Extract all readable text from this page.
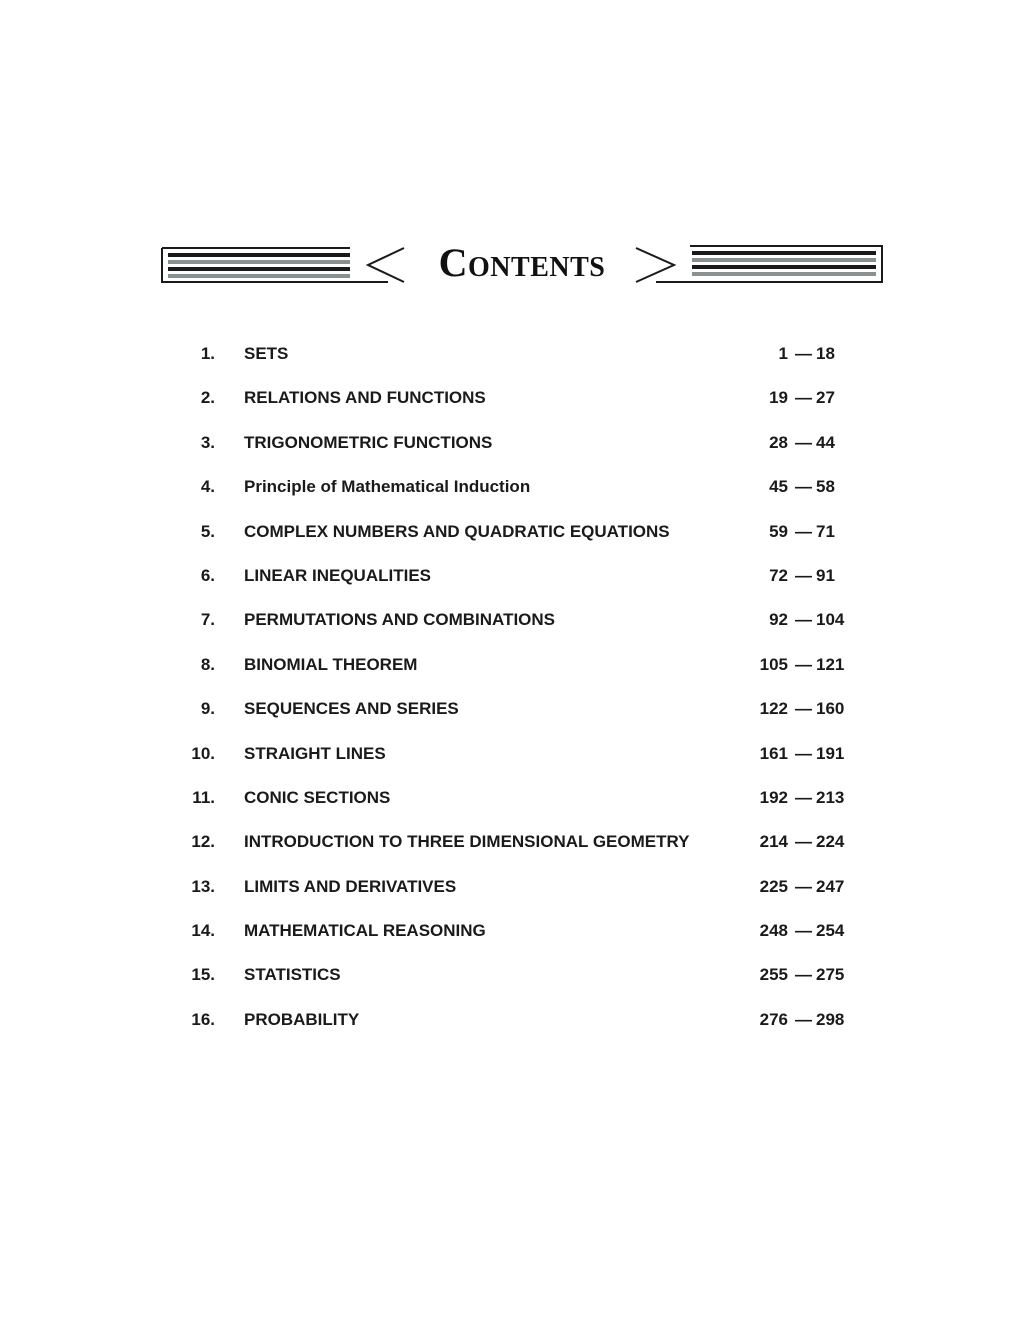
Contents
1. SETS	1 — 18
2. RELATIONS AND FUNCTIONS	19 — 27
3. TRIGONOMETRIC FUNCTIONS	28 — 44
4. Principle of Mathematical Induction	45 — 58
5. COMPLEX NUMBERS AND QUADRATIC EQUATIONS	59 — 71
6. LINEAR INEQUALITIES	72 — 91
7. PERMUTATIONS AND COMBINATIONS	92 — 104
8. BINOMIAL THEOREM	105 — 121
9. SEQUENCES AND SERIES	122 — 160
10. STRAIGHT LINES	161 — 191
11. CONIC SECTIONS	192 — 213
12. INTRODUCTION TO THREE DIMENSIONAL GEOMETRY	214 — 224
13. LIMITS AND DERIVATIVES	225 — 247
14. MATHEMATICAL REASONING	248 — 254
15. STATISTICS	255 — 275
16. PROBABILITY	276 — 298
